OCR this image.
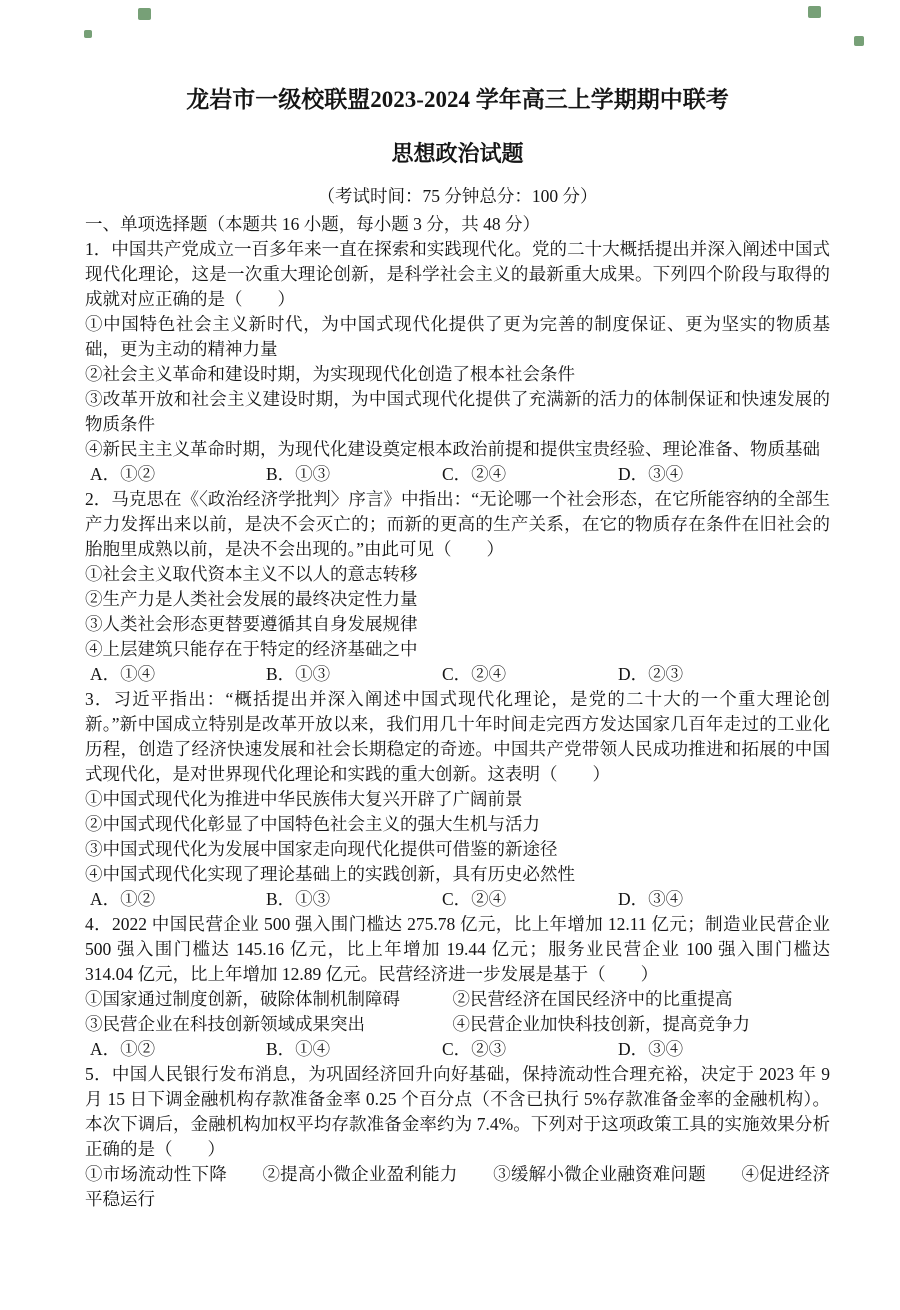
龙岩市一级校联盟2023-2024 学年高三上学期期中联考
思想政治试题
（考试时间：75 分钟总分：100 分）
一、单项选择题（本题共 16 小题，每小题 3 分，共 48 分）

1．中国共产党成立一百多年来一直在探索和实践现代化。党的二十大概括提出并深入阐述中国式现代化理论，这是一次重大理论创新，是科学社会主义的最新重大成果。下列四个阶段与取得的成就对应正确的是（　　）

①中国特色社会主义新时代，为中国式现代化提供了更为完善的制度保证、更为坚实的物质基础，更为主动的精神力量

②社会主义革命和建设时期，为实现现代化创造了根本社会条件

③改革开放和社会主义建设时期，为中国式现代化提供了充满新的活力的体制保证和快速发展的物质条件

④新民主主义革命时期，为现代化建设奠定根本政治前提和提供宝贵经验、理论准备、物质基础

A．①②	B．①③	C．②④	D．③④

2．马克思在《〈政治经济学批判〉序言》中指出：“无论哪一个社会形态，在它所能容纳的全部生产力发挥出来以前，是决不会灭亡的；而新的更高的生产关系，在它的物质存在条件在旧社会的胎胞里成熟以前，是决不会出现的。”由此可见（　　）

①社会主义取代资本主义不以人的意志转移

②生产力是人类社会发展的最终决定性力量

③人类社会形态更替要遵循其自身发展规律

④上层建筑只能存在于特定的经济基础之中

A．①④	B．①③	C．②④	D．②③

3．习近平指出：“概括提出并深入阐述中国式现代化理论，是党的二十大的一个重大理论创新。”新中国成立特别是改革开放以来，我们用几十年时间走完西方发达国家几百年走过的工业化历程，创造了经济快速发展和社会长期稳定的奇迹。中国共产党带领人民成功推进和拓展的中国式现代化，是对世界现代化理论和实践的重大创新。这表明（　　）

①中国式现代化为推进中华民族伟大复兴开辟了广阔前景

②中国式现代化彰显了中国特色社会主义的强大生机与活力

③中国式现代化为发展中国家走向现代化提供可借鉴的新途径

④中国式现代化实现了理论基础上的实践创新，具有历史必然性

A．①②	B．①③	C．②④	D．③④

4．2022 中国民营企业 500 强入围门槛达 275.78 亿元，比上年增加 12.11 亿元；制造业民营企业 500 强入围门槛达 145.16 亿元，比上年增加 19.44 亿元；服务业民营企业 100 强入围门槛达 314.04 亿元，比上年增加 12.89 亿元。民营经济进一步发展是基于（　　）

①国家通过制度创新，破除体制机制障碍　　　②民营经济在国民经济中的比重提高

③民营企业在科技创新领域成果突出　　　　　④民营企业加快科技创新，提高竞争力

A．①②	B．①④	C．②③	D．③④

5．中国人民银行发布消息，为巩固经济回升向好基础，保持流动性合理充裕，决定于 2023 年 9 月 15 日下调金融机构存款准备金率 0.25 个百分点（不含已执行 5%存款准备金率的金融机构）。本次下调后，金融机构加权平均存款准备金率约为 7.4%。下列对于这项政策工具的实施效果分析正确的是（　　）

①市场流动性下降　　②提高小微企业盈利能力　　③缓解小微企业融资难问题　　④促进经济平稳运行
